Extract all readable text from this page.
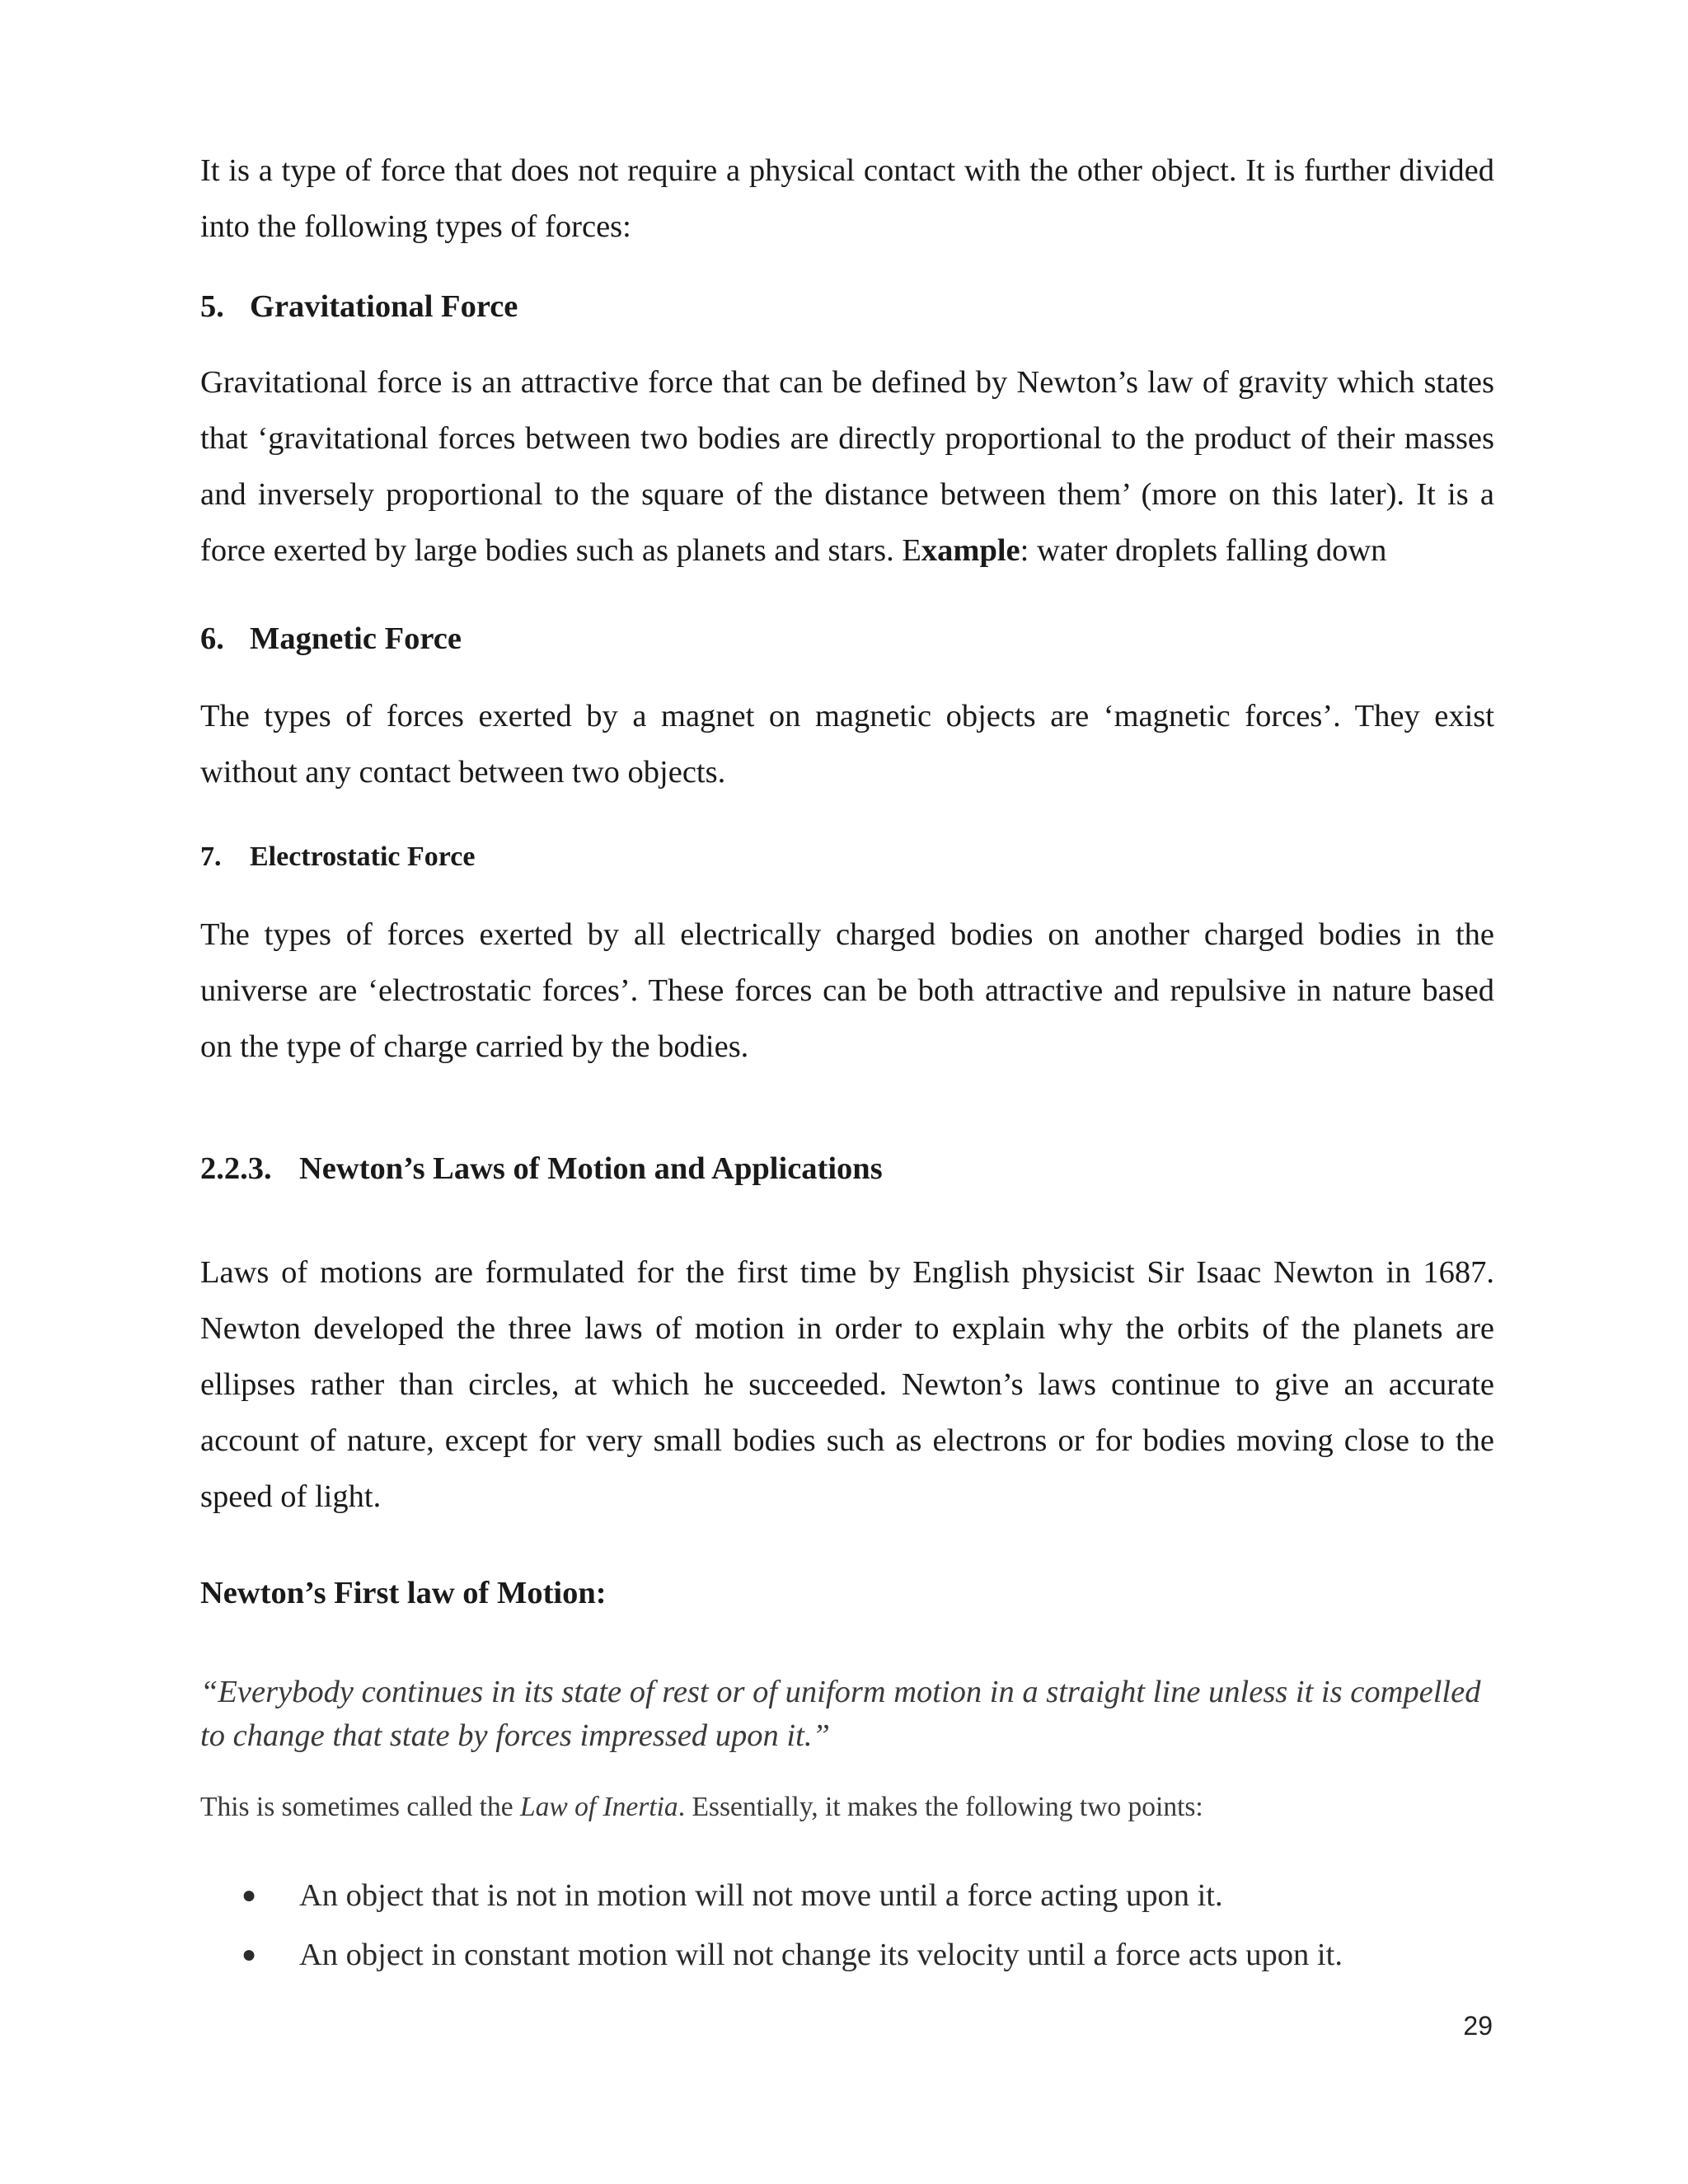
It is a type of force that does not require a physical contact with the other object. It is further divided into the following types of forces:

5. Gravitational Force

Gravitational force is an attractive force that can be defined by Newton’s law of gravity which states that ‘gravitational forces between two bodies are directly proportional to the product of their masses and inversely proportional to the square of the distance between them’ (more on this later). It is a force exerted by large bodies such as planets and stars. Example: water droplets falling down

6. Magnetic Force

The types of forces exerted by a magnet on magnetic objects are ‘magnetic forces’. They exist without any contact between two objects.

7. Electrostatic Force

The types of forces exerted by all electrically charged bodies on another charged bodies in the universe are ‘electrostatic forces’. These forces can be both attractive and repulsive in nature based on the type of charge carried by the bodies.

2.2.3. Newton’s Laws of Motion and Applications

Laws of motions are formulated for the first time by English physicist Sir Isaac Newton in 1687. Newton developed the three laws of motion in order to explain why the orbits of the planets are ellipses rather than circles, at which he succeeded. Newton’s laws continue to give an accurate account of nature, except for very small bodies such as electrons or for bodies moving close to the speed of light.

Newton’s First law of Motion:

“Everybody continues in its state of rest or of uniform motion in a straight line unless it is compelled to change that state by forces impressed upon it.”

This is sometimes called the Law of Inertia. Essentially, it makes the following two points:

● An object that is not in motion will not move until a force acting upon it.
● An object in constant motion will not change its velocity until a force acts upon it.
29
